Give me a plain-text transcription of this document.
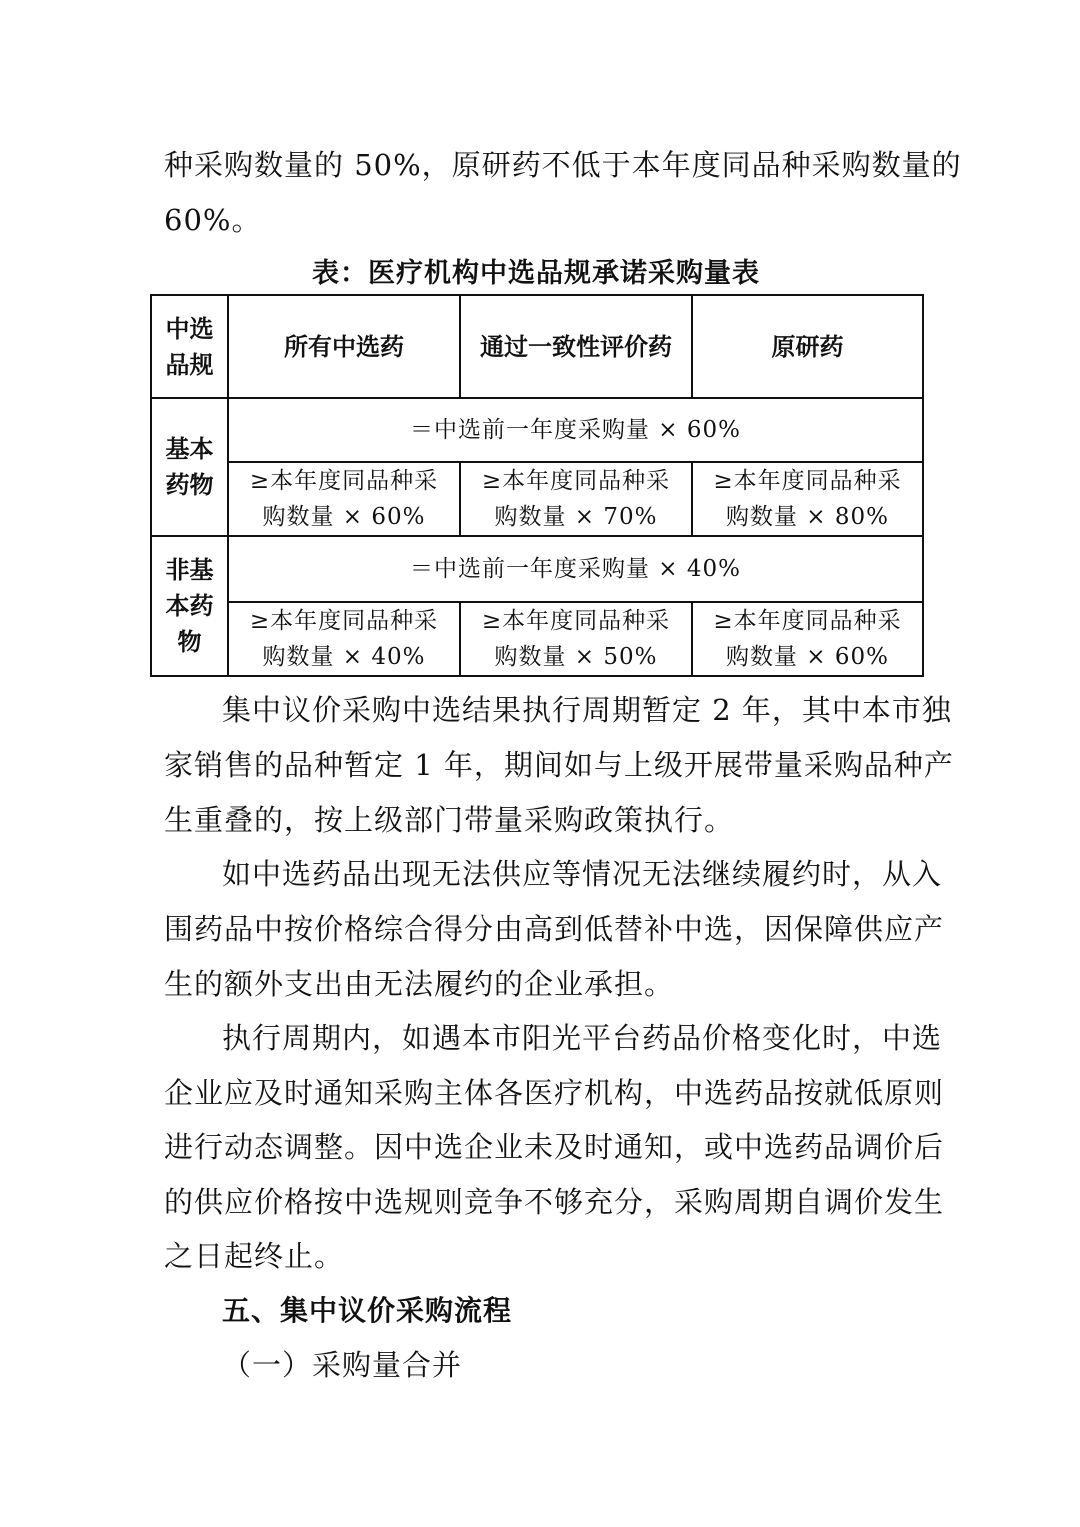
种采购数量的 50%，原研药不低于本年度同品种采购数量的
60%。
表：医疗机构中选品规承诺采购量表
中选
品规	所有中选药	通过一致性评价药	原研药

基本
药物	＝中选前一年度采购量 × 60%		

	≥本年度同品种采
购数量 × 60%	≥本年度同品种采
购数量 × 70%	≥本年度同品种采
购数量 × 80%

非基
本药
物	＝中选前一年度采购量 × 40%		

	≥本年度同品种采
购数量 × 40%	≥本年度同品种采
购数量 × 50%	≥本年度同品种采
购数量 × 60%
集中议价采购中选结果执行周期暂定 2 年，其中本市独
家销售的品种暂定 1 年，期间如与上级开展带量采购品种产
生重叠的，按上级部门带量采购政策执行。
如中选药品出现无法供应等情况无法继续履约时，从入
围药品中按价格综合得分由高到低替补中选，因保障供应产
生的额外支出由无法履约的企业承担。
执行周期内，如遇本市阳光平台药品价格变化时，中选
企业应及时通知采购主体各医疗机构，中选药品按就低原则
进行动态调整。因中选企业未及时通知，或中选药品调价后
的供应价格按中选规则竞争不够充分，采购周期自调价发生
之日起终止。
五、集中议价采购流程
（一）采购量合并
